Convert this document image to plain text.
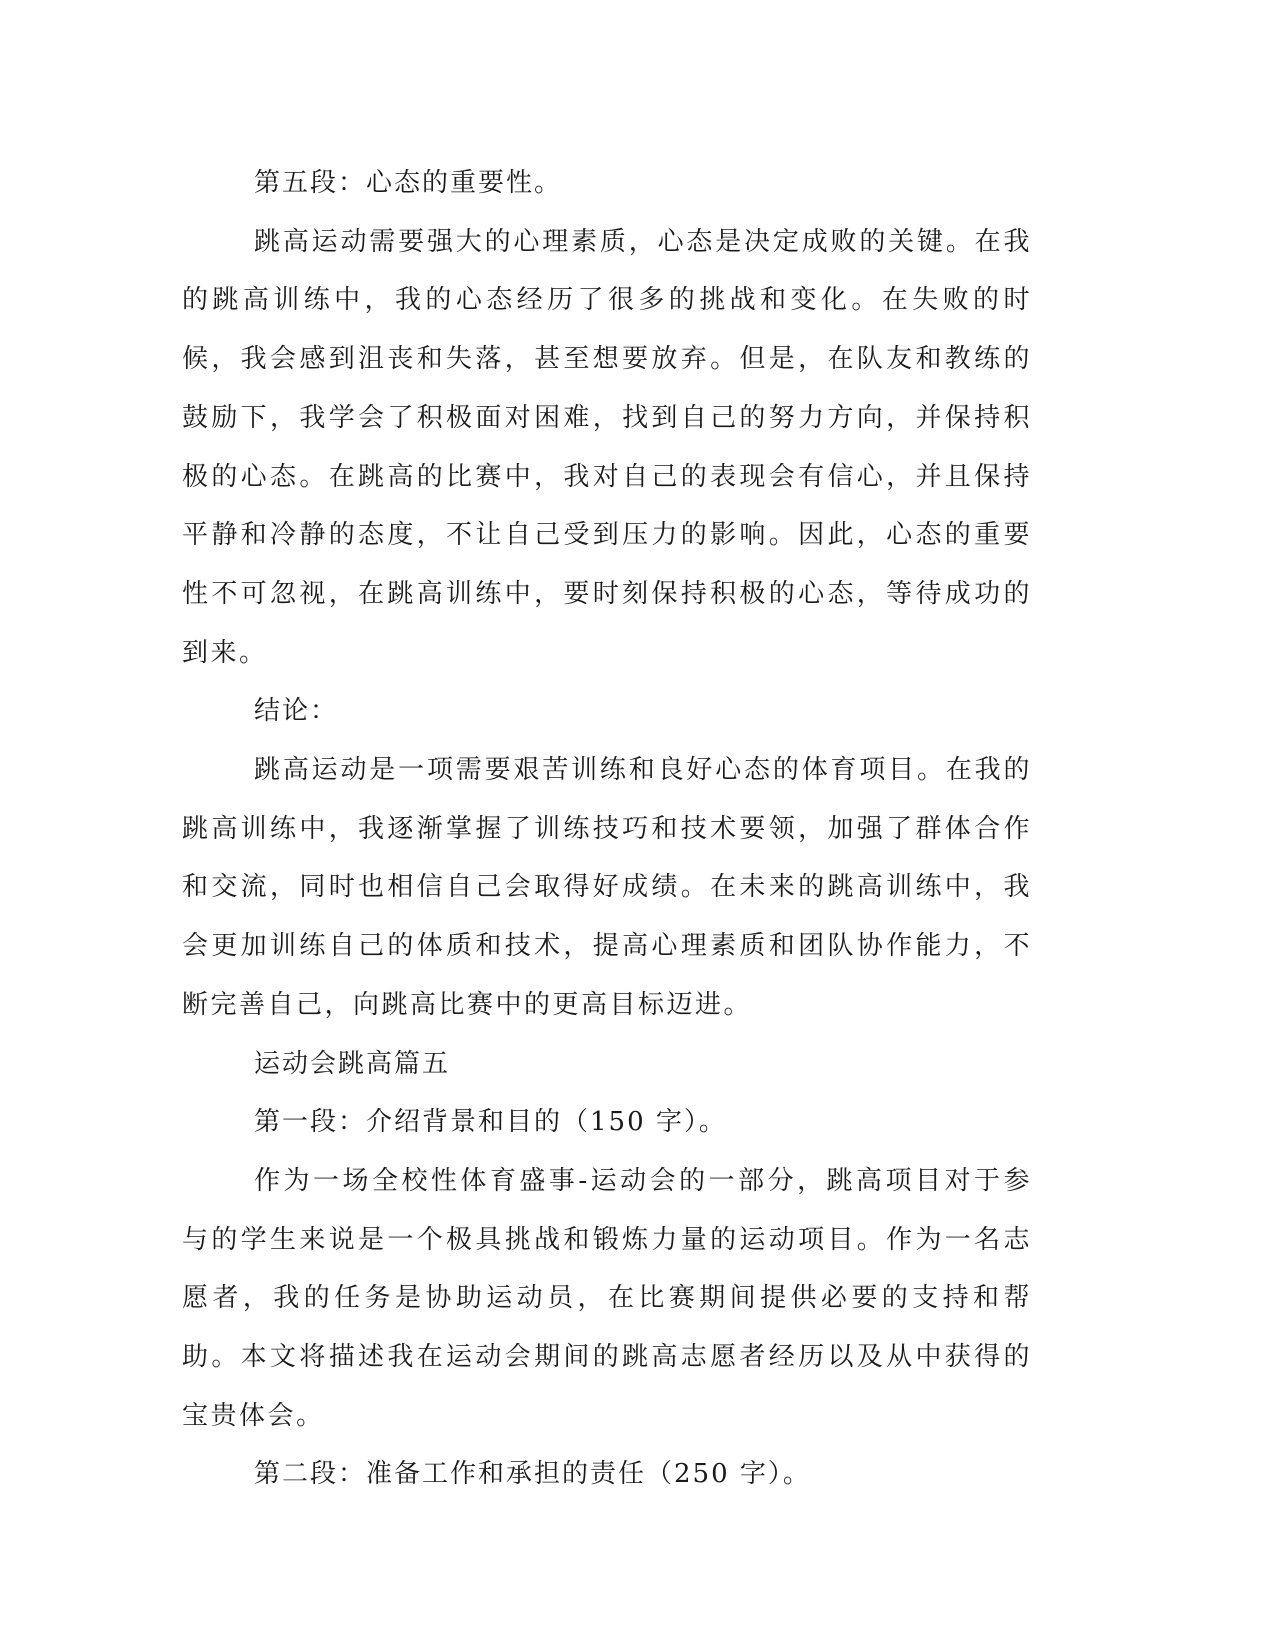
第五段：心态的重要性。

跳高运动需要强大的心理素质，心态是决定成败的关键。在我的跳高训练中，我的心态经历了很多的挑战和变化。在失败的时候，我会感到沮丧和失落，甚至想要放弃。但是，在队友和教练的鼓励下，我学会了积极面对困难，找到自己的努力方向，并保持积极的心态。在跳高的比赛中，我对自己的表现会有信心，并且保持平静和冷静的态度，不让自己受到压力的影响。因此，心态的重要性不可忽视，在跳高训练中，要时刻保持积极的心态，等待成功的到来。

结论：

跳高运动是一项需要艰苦训练和良好心态的体育项目。在我的跳高训练中，我逐渐掌握了训练技巧和技术要领，加强了群体合作和交流，同时也相信自己会取得好成绩。在未来的跳高训练中，我会更加训练自己的体质和技术，提高心理素质和团队协作能力，不断完善自己，向跳高比赛中的更高目标迈进。

运动会跳高篇五

第一段：介绍背景和目的（150 字）。

作为一场全校性体育盛事-运动会的一部分，跳高项目对于参与的学生来说是一个极具挑战和锻炼力量的运动项目。作为一名志愿者，我的任务是协助运动员，在比赛期间提供必要的支持和帮助。本文将描述我在运动会期间的跳高志愿者经历以及从中获得的宝贵体会。

第二段：准备工作和承担的责任（250 字）。
